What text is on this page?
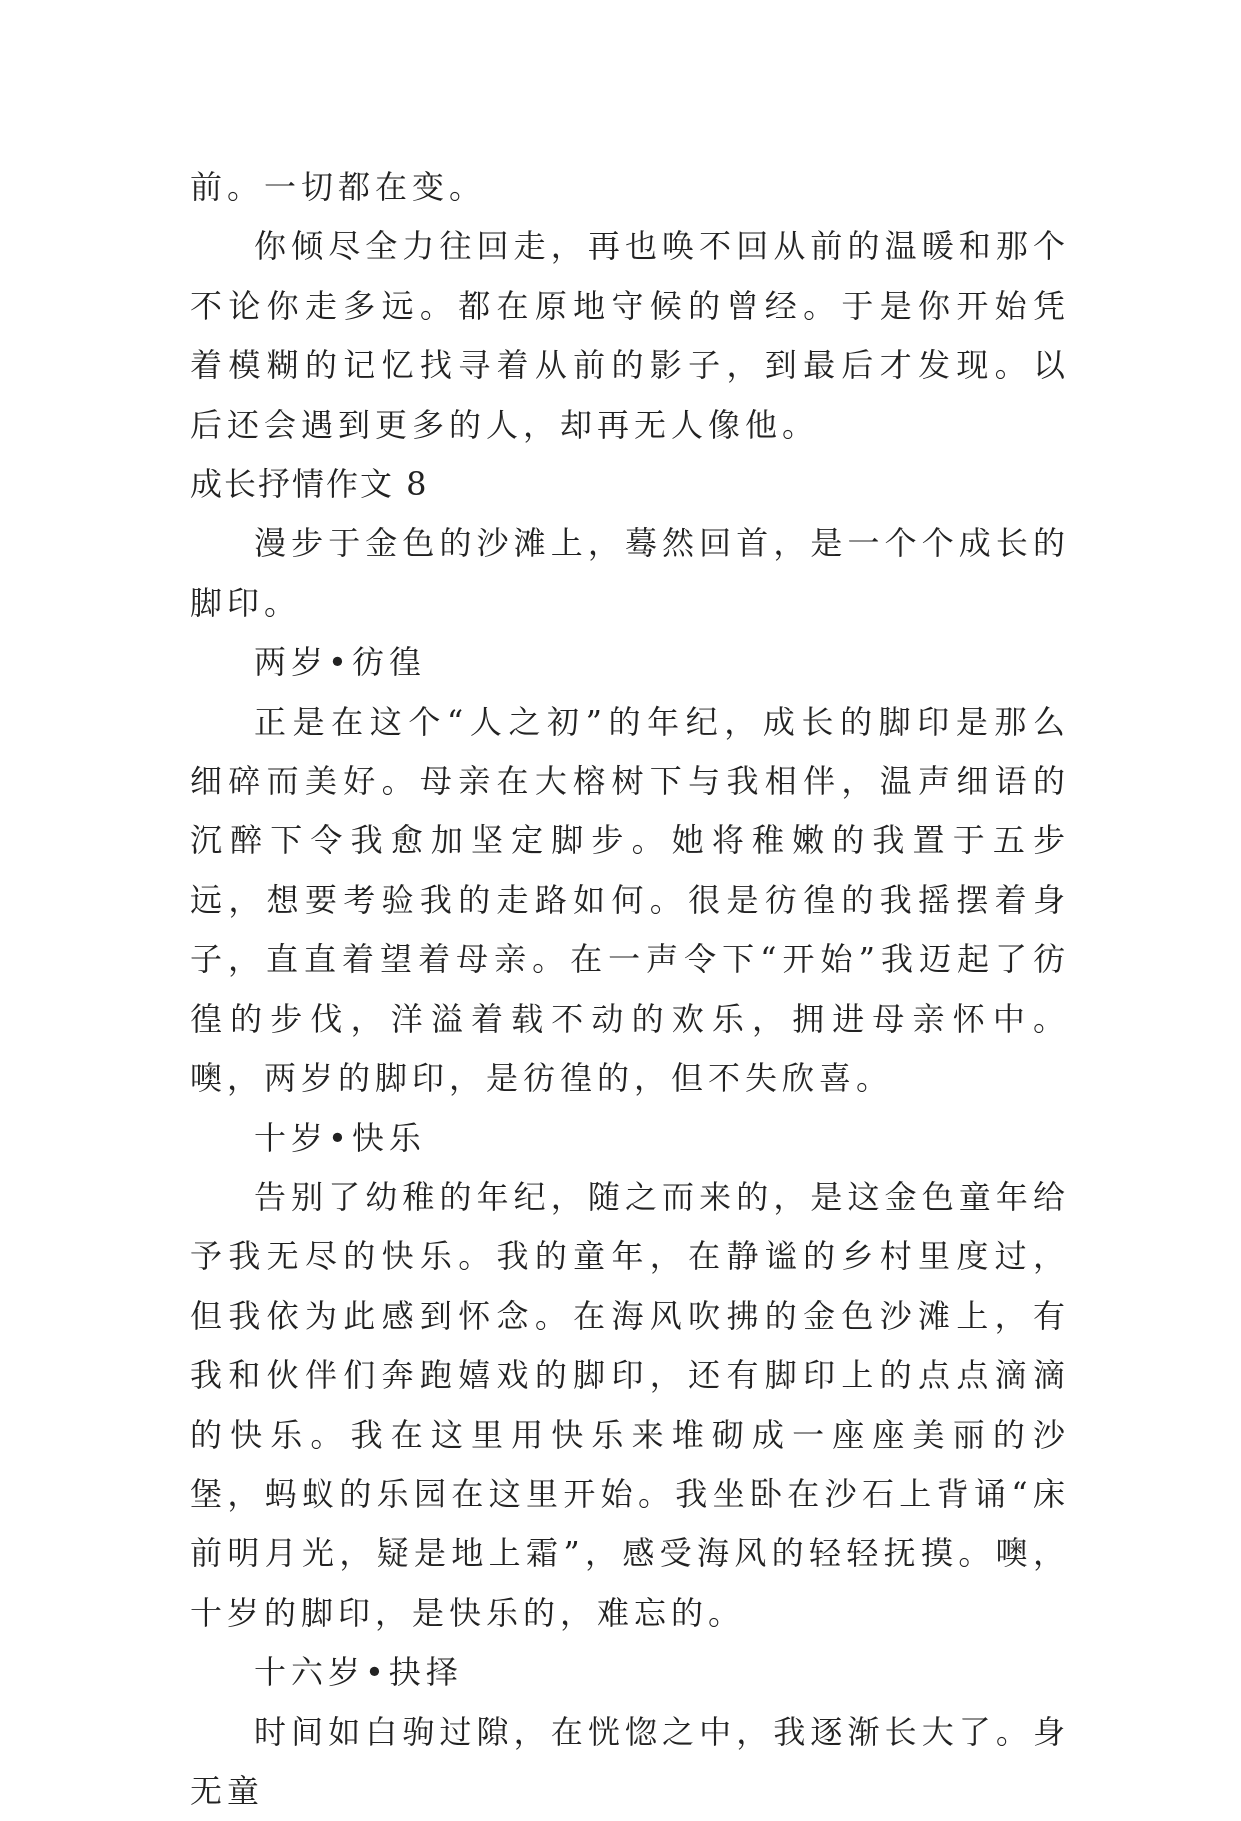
前。一切都在变。

你倾尽全力往回走，再也唤不回从前的温暖和那个不论你走多远。都在原地守候的曾经。于是你开始凭着模糊的记忆找寻着从前的影子，到最后才发现。以后还会遇到更多的人，却再无人像他。

成长抒情作文 8

漫步于金色的沙滩上，蓦然回首，是一个个成长的脚印。

两岁•彷徨

正是在这个“人之初”的年纪，成长的脚印是那么细碎而美好。母亲在大榕树下与我相伴，温声细语的沉醉下令我愈加坚定脚步。她将稚嫩的我置于五步远，想要考验我的走路如何。很是彷徨的我摇摆着身子，直直着望着母亲。在一声令下“开始”我迈起了彷徨的步伐，洋溢着载不动的欢乐，拥进母亲怀中。噢，两岁的脚印，是彷徨的，但不失欣喜。

十岁•快乐

告别了幼稚的年纪，随之而来的，是这金色童年给予我无尽的快乐。我的童年，在静谧的乡村里度过，但我依为此感到怀念。在海风吹拂的金色沙滩上，有我和伙伴们奔跑嬉戏的脚印，还有脚印上的点点滴滴的快乐。我在这里用快乐来堆砌成一座座美丽的沙堡，蚂蚁的乐园在这里开始。我坐卧在沙石上背诵“床前明月光，疑是地上霜”，感受海风的轻轻抚摸。噢，十岁的脚印，是快乐的，难忘的。

十六岁•抉择

时间如白驹过隙，在恍惚之中，我逐渐长大了。身无童
